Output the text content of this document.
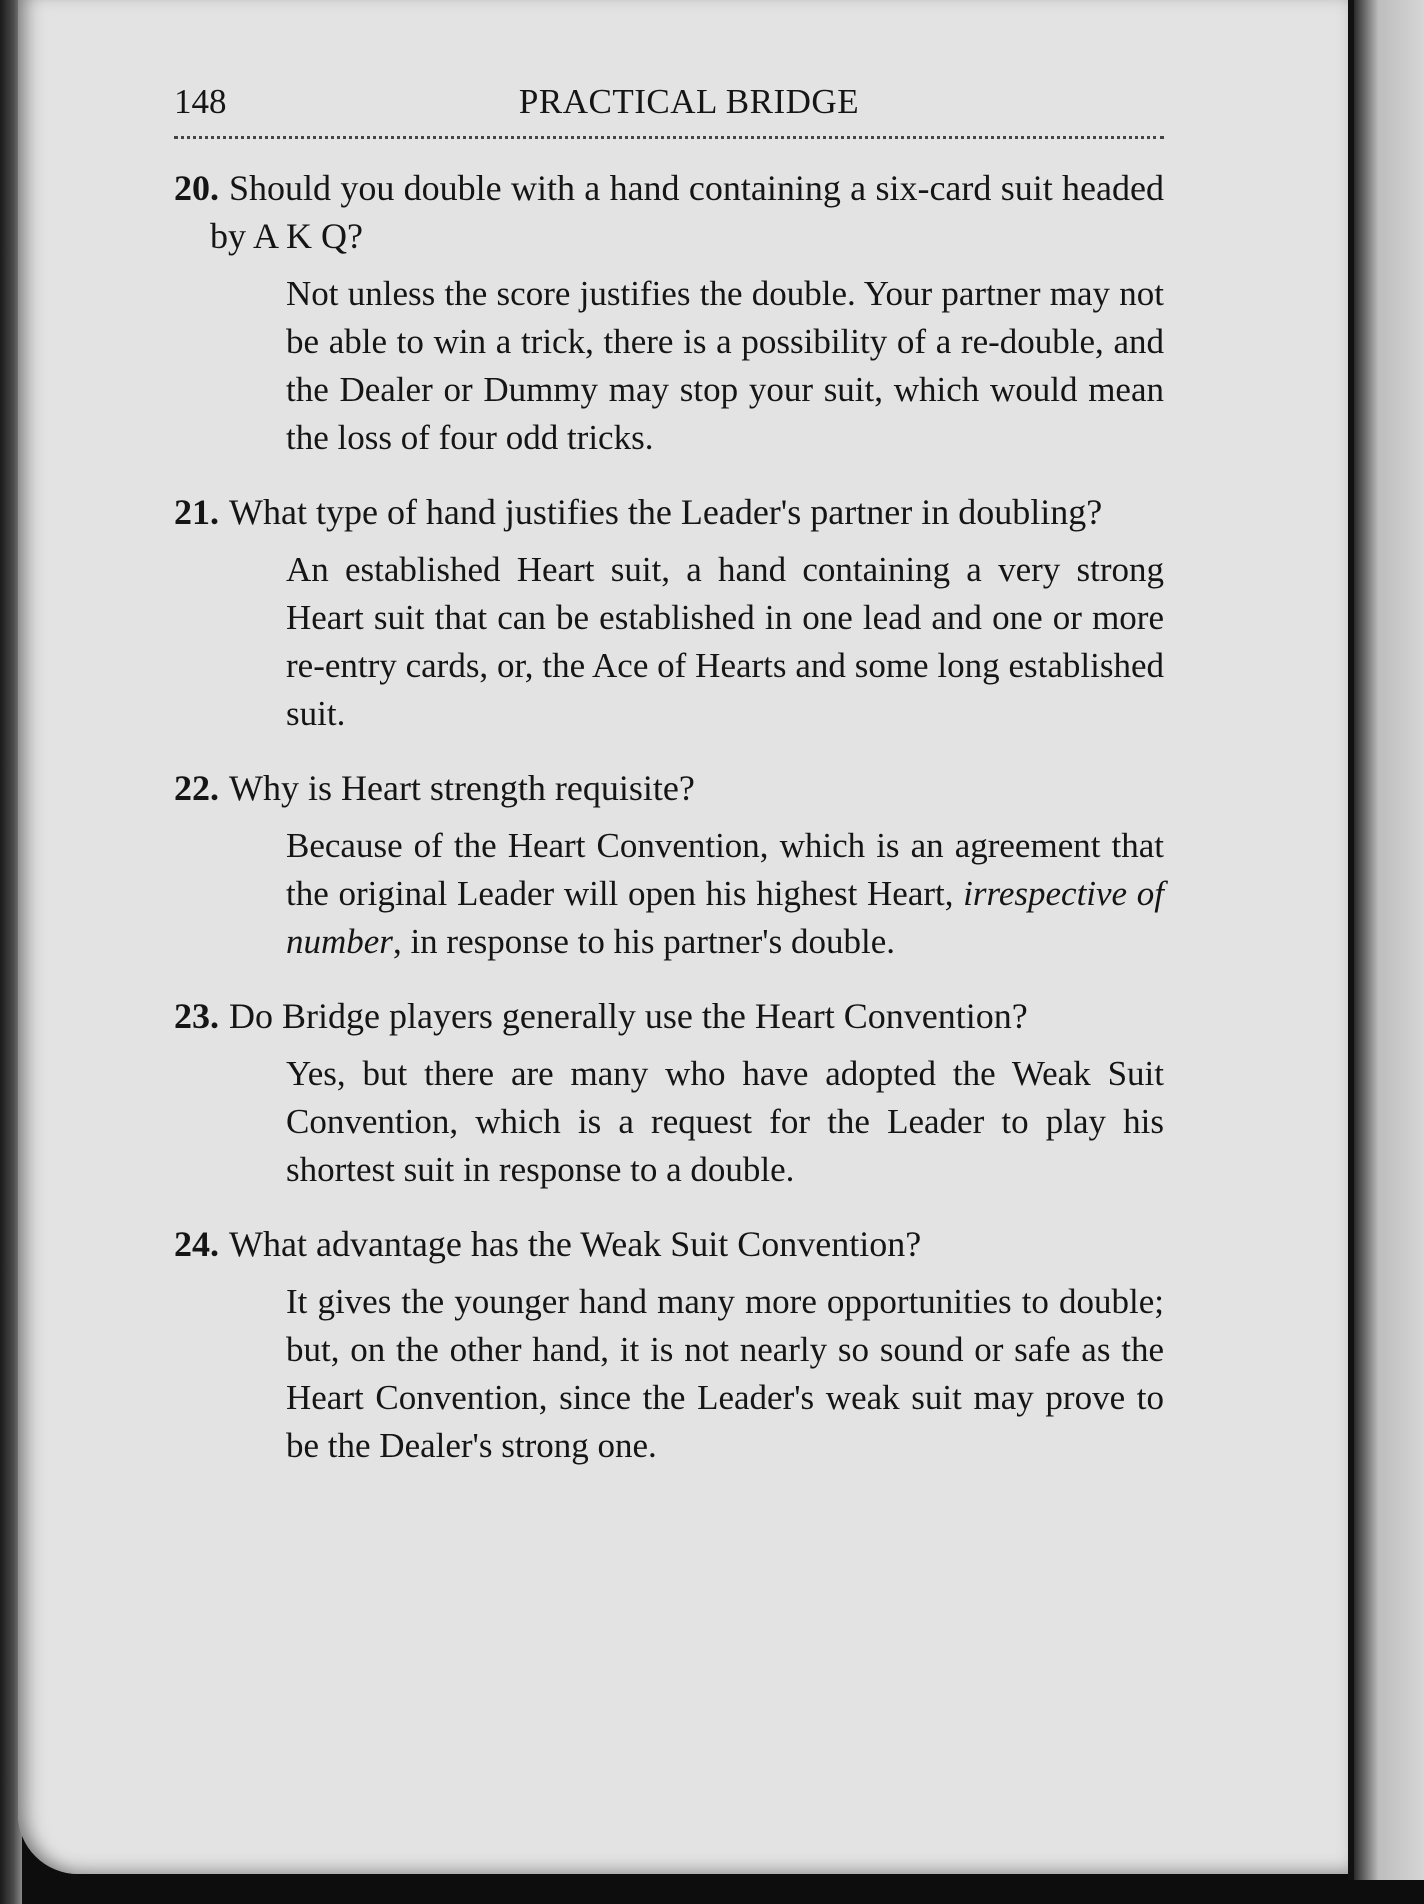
148	PRACTICAL BRIDGE
20. Should you double with a hand containing a six-card suit headed by A K Q?
Not unless the score justifies the double. Your partner may not be able to win a trick, there is a possibility of a re-double, and the Dealer or Dummy may stop your suit, which would mean the loss of four odd tricks.
21. What type of hand justifies the Leader's partner in doubling?
An established Heart suit, a hand containing a very strong Heart suit that can be established in one lead and one or more re-entry cards, or, the Ace of Hearts and some long established suit.
22. Why is Heart strength requisite?
Because of the Heart Convention, which is an agreement that the original Leader will open his highest Heart, irrespective of number, in response to his partner's double.
23. Do Bridge players generally use the Heart Convention?
Yes, but there are many who have adopted the Weak Suit Convention, which is a request for the Leader to play his shortest suit in response to a double.
24. What advantage has the Weak Suit Convention?
It gives the younger hand many more opportunities to double; but, on the other hand, it is not nearly so sound or safe as the Heart Convention, since the Leader's weak suit may prove to be the Dealer's strong one.
